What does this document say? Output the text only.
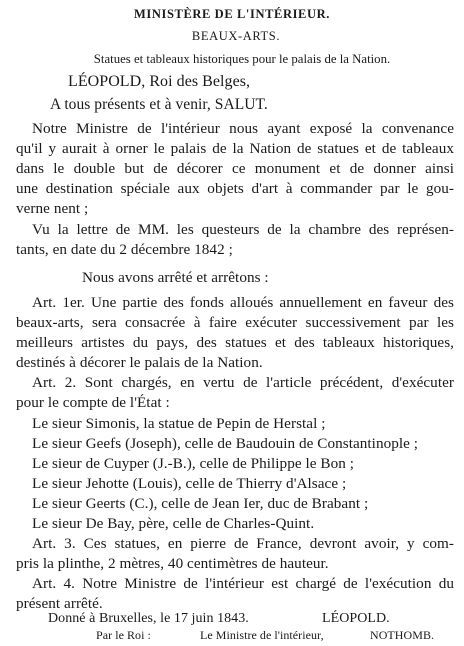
MINISTÈRE DE L'INTÉRIEUR.
BEAUX-ARTS.
Statues et tableaux historiques pour le palais de la Nation.
LÉOPOLD, Roi des Belges,
A tous présents et à venir, SALUT.
Notre Ministre de l'intérieur nous ayant exposé la convenance
qu'il y aurait à orner le palais de la Nation de statues et de tableaux
dans le double but de décorer ce monument et de donner ainsi
une destination spéciale aux objets d'art à commander par le gou-
verne nent ;
Vu la lettre de MM. les questeurs de la chambre des représen-
tants, en date du 2 décembre 1842 ;
Nous avons arrêté et arrêtons :
Art. 1er. Une partie des fonds alloués annuellement en faveur des
beaux-arts, sera consacrée à faire exécuter successivement par les
meilleurs artistes du pays, des statues et des tableaux historiques,
destinés à décorer le palais de la Nation.
Art. 2. Sont chargés, en vertu de l'article précédent, d'exécuter
pour le compte de l'État :
Le sieur Simonis, la statue de Pepin de Herstal ;
Le sieur Geefs (Joseph), celle de Baudouin de Constantinople ;
Le sieur de Cuyper (J.-B.), celle de Philippe le Bon ;
Le sieur Jehotte (Louis), celle de Thierry d'Alsace ;
Le sieur Geerts (C.), celle de Jean Ier, duc de Brabant ;
Le sieur De Bay, père, celle de Charles-Quint.
Art. 3. Ces statues, en pierre de France, devront avoir, y com-
pris la plinthe, 2 mètres, 40 centimètres de hauteur.
Art. 4. Notre Ministre de l'intérieur est chargé de l'exécution du
présent arrêté.
Donné à Bruxelles, le 17 juin 1843.	LÉOPOLD.
Par le Roi :	Le Ministre de l'intérieur,	NOTHOMB.
